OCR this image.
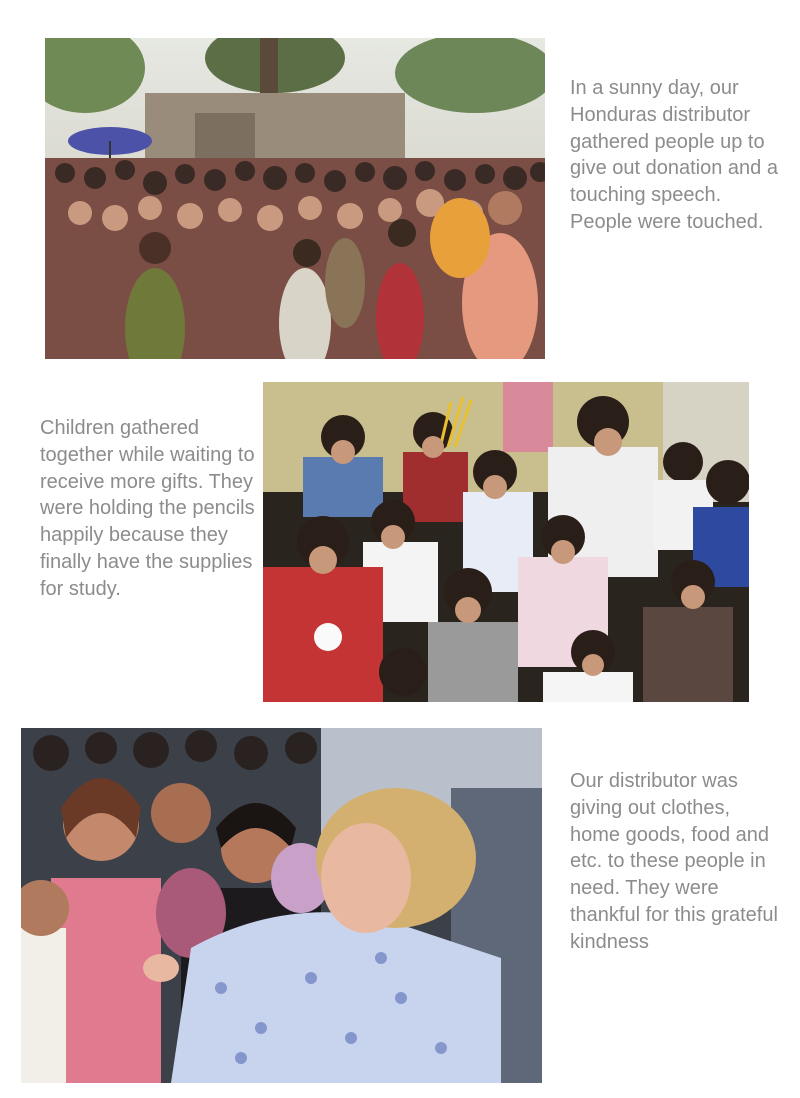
In a sunny day, our Honduras distributor gathered people up to give out donation and a touching speech. People were touched.

Children gathered together while waiting to receive more gifts. They were holding the pencils happily because they finally have the supplies for study.

Our distributor was giving out clothes, home goods, food and etc. to these people in need. They were thankful for this grateful kindness
